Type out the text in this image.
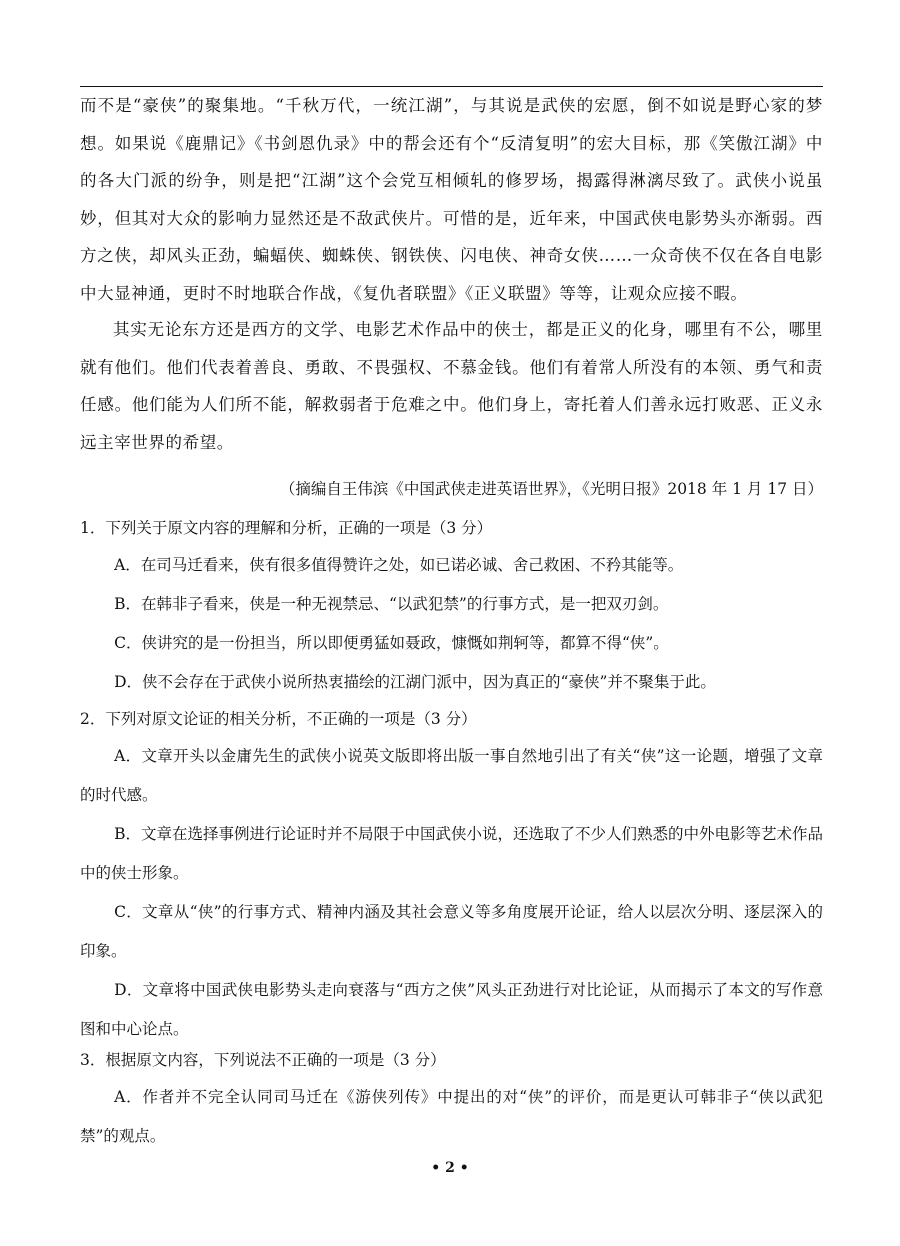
而不是“豪侠”的聚集地。“千秋万代，一统江湖”，与其说是武侠的宏愿，倒不如说是野心家的梦想。如果说《鹿鼎记》《书剑恩仇录》中的帮会还有个“反清复明”的宏大目标，那《笑傲江湖》中的各大门派的纷争，则是把“江湖”这个会党互相倾轧的修罗场，揭露得淋漓尽致了。武侠小说虽妙，但其对大众的影响力显然还是不敌武侠片。可惜的是，近年来，中国武侠电影势头亦渐弱。西方之侠，却风头正劲，蝙蝠侠、蜘蛛侠、钢铁侠、闪电侠、神奇女侠……一众奇侠不仅在各自电影中大显神通，更时不时地联合作战，《复仇者联盟》《正义联盟》等等，让观众应接不暇。

其实无论东方还是西方的文学、电影艺术作品中的侠士，都是正义的化身，哪里有不公，哪里就有他们。他们代表着善良、勇敢、不畏强权、不慕金钱。他们有着常人所没有的本领、勇气和责任感。他们能为人们所不能，解救弱者于危难之中。他们身上，寄托着人们善永远打败恶、正义永远主宰世界的希望。

（摘编自王伟滨《中国武侠走进英语世界》，《光明日报》2018 年 1 月 17 日）
1．下列关于原文内容的理解和分析，正确的一项是（3 分）

A．在司马迁看来，侠有很多值得赞许之处，如已诺必诚、舍己救困、不矜其能等。

B．在韩非子看来，侠是一种无视禁忌、“以武犯禁”的行事方式，是一把双刃剑。

C．侠讲究的是一份担当，所以即便勇猛如聂政，慷慨如荆轲等，都算不得“侠”。

D．侠不会存在于武侠小说所热衷描绘的江湖门派中，因为真正的“豪侠”并不聚集于此。

2．下列对原文论证的相关分析，不正确的一项是（3 分）

A．文章开头以金庸先生的武侠小说英文版即将出版一事自然地引出了有关“侠”这一论题，增强了文章的时代感。

B．文章在选择事例进行论证时并不局限于中国武侠小说，还选取了不少人们熟悉的中外电影等艺术作品中的侠士形象。

C．文章从“侠”的行事方式、精神内涵及其社会意义等多角度展开论证，给人以层次分明、逐层深入的印象。

D．文章将中国武侠电影势头走向衰落与“西方之侠”风头正劲进行对比论证，从而揭示了本文的写作意图和中心论点。

3．根据原文内容，下列说法不正确的一项是（3 分）

A．作者并不完全认同司马迁在《游侠列传》中提出的对“侠”的评价，而是更认可韩非子“侠以武犯禁”的观点。

• 2 •
